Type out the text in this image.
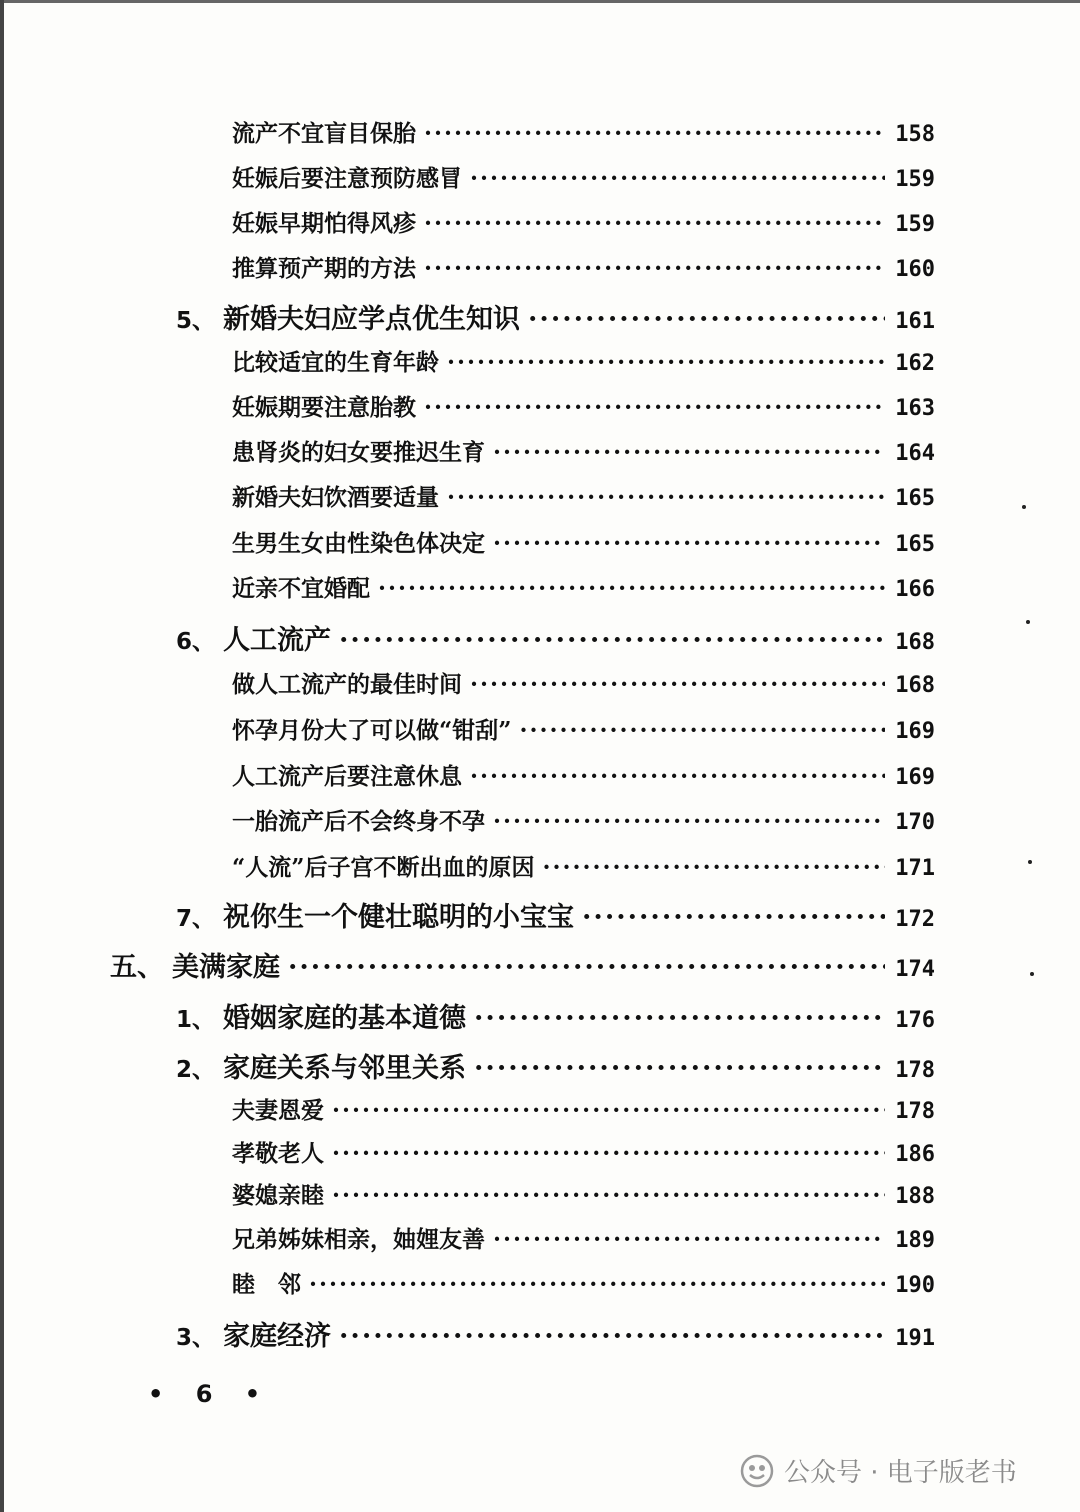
流产不宜盲目保胎 ·····	158
妊娠后要注意预防感冒 ·····	159
妊娠早期怕得风疹 ·····	159
推算预产期的方法 ·····	160
5、 新婚夫妇应学点优生知识 ·····	161
比较适宜的生育年龄 ·····	162
妊娠期要注意胎教 ·····	163
患肾炎的妇女要推迟生育 ·····	164
新婚夫妇饮酒要适量 ·····	165
生男生女由性染色体决定 ·····	165
近亲不宜婚配 ·····	166
6、 人工流产 ·····	168
做人工流产的最佳时间 ·····	168
怀孕月份大了可以做“钳刮” ·····	169
人工流产后要注意休息 ·····	169
一胎流产后不会终身不孕 ·····	170
“人流”后子宫不断出血的原因 ·····	171
7、 祝你生一个健壮聪明的小宝宝 ·····	172
五、 美满家庭 ·····	174
1、 婚姻家庭的基本道德 ·····	176
2、 家庭关系与邻里关系 ·····	178
夫妻恩爱 ·····	178
孝敬老人 ·····	186
婆媳亲睦 ·····	188
兄弟姊妹相亲，妯娌友善 ·····	189
睦　邻 ·····	190
3、 家庭经济 ·····	191
• 6 •
公众号 · 电子版老书
